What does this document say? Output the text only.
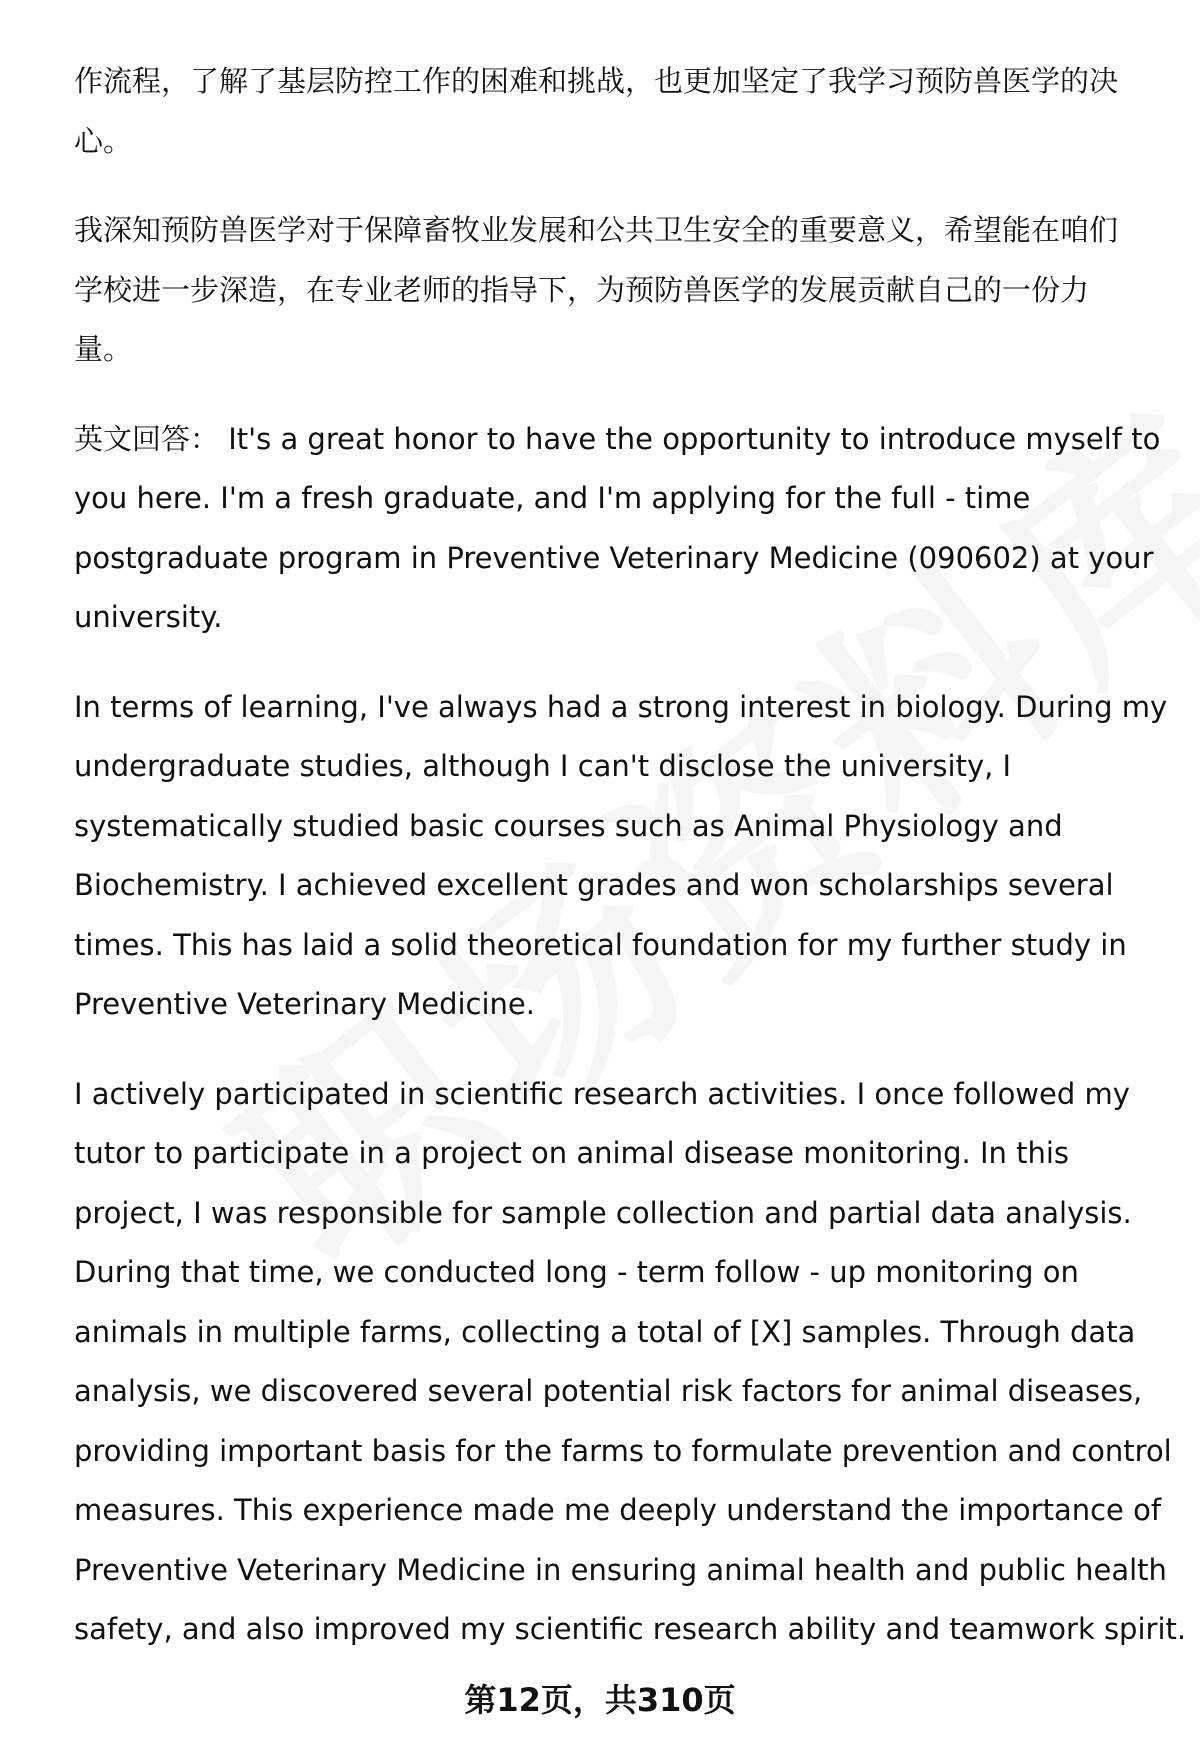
作流程，了解了基层防控工作的困难和挑战，也更加坚定了我学习预防兽医学的决
心。

我深知预防兽医学对于保障畜牧业发展和公共卫生安全的重要意义，希望能在咱们
学校进一步深造，在专业老师的指导下，为预防兽医学的发展贡献自己的一份力
量。

英文回答： It's a great honor to have the opportunity to introduce myself to
you here. I'm a fresh graduate, and I'm applying for the full - time
postgraduate program in Preventive Veterinary Medicine (090602) at your
university.

In terms of learning, I've always had a strong interest in biology. During my
undergraduate studies, although I can't disclose the university, I
systematically studied basic courses such as Animal Physiology and
Biochemistry. I achieved excellent grades and won scholarships several
times. This has laid a solid theoretical foundation for my further study in
Preventive Veterinary Medicine.

I actively participated in scientific research activities. I once followed my
tutor to participate in a project on animal disease monitoring. In this
project, I was responsible for sample collection and partial data analysis.
During that time, we conducted long - term follow - up monitoring on
animals in multiple farms, collecting a total of [X] samples. Through data
analysis, we discovered several potential risk factors for animal diseases,
providing important basis for the farms to formulate prevention and control
measures. This experience made me deeply understand the importance of
Preventive Veterinary Medicine in ensuring animal health and public health
safety, and also improved my scientific research ability and teamwork spirit.

第12页，共310页
